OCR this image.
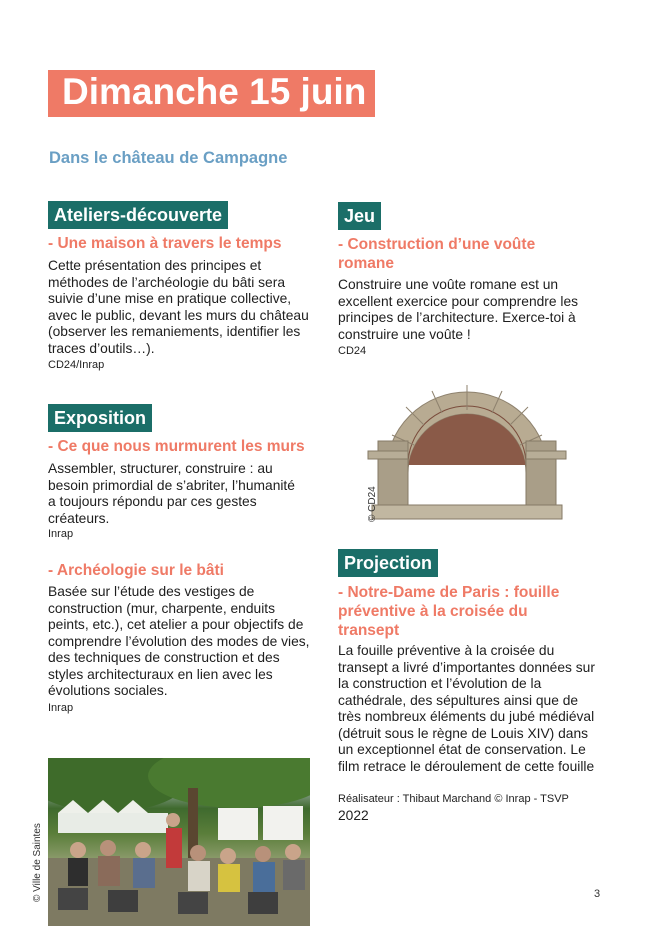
Dimanche 15 juin
Dans le château de Campagne
Ateliers-découverte
- Une maison à travers le temps
Cette présentation des principes et méthodes de l’archéologie du bâti sera suivie d’une mise en pratique collective, avec le public, devant les murs du château (observer les remaniements, identifier les traces d’outils…).
CD24/Inrap
Exposition
- Ce que nous murmurent les murs
Assembler, structurer, construire : au besoin primordial de s’abriter, l’humanité a toujours répondu par ces gestes créateurs.
Inrap
- Archéologie sur le bâti
Basée sur l’étude des vestiges de construction (mur, charpente, enduits peints, etc.), cet atelier a pour objectifs de comprendre l’évolution des modes de vies, des techniques de construction et des styles architecturaux en lien avec les évolutions sociales.
Inrap
© Ville de Saintes
Jeu
- Construction d’une voûte romane
Construire une voûte romane est un excellent exercice pour comprendre les principes de l’architecture. Exerce-toi à construire une voûte !
CD24
© CD24
Projection
- Notre-Dame de Paris : fouille préventive à la croisée du transept
La fouille préventive à la croisée du transept a livré d’importantes données sur la construction et l’évolution de la cathédrale, des sépultures ainsi que de très nombreux éléments du jubé médiéval (détruit sous le règne de Louis XIV) dans un exceptionnel état de conservation. Le film retrace le déroulement de cette fouille
Réalisateur : Thibaut Marchand © Inrap - TSVP
2022
3
